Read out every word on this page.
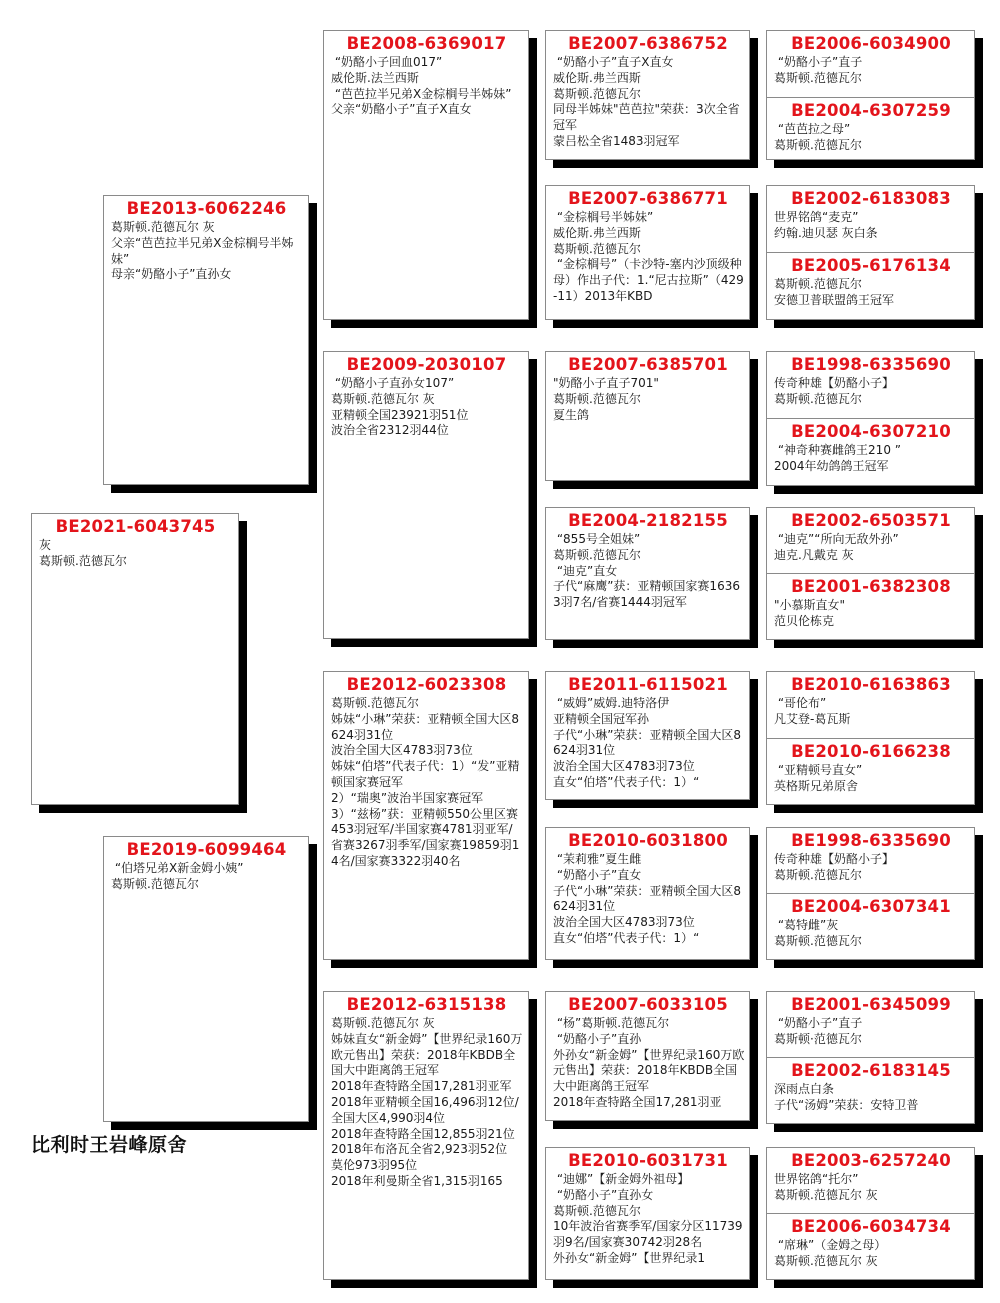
BE2021-6043745
灰
葛斯顿.范德瓦尔
BE2013-6062246
葛斯顿.范德瓦尔 灰
父亲“芭芭拉半兄弟X金棕榈号半姊妹”
母亲“奶酪小子”直孙女
BE2019-6099464
“伯塔兄弟X新金姆小姨”
葛斯顿.范德瓦尔
BE2008-6369017
“奶酪小子回血017”
威伦斯.法兰西斯
“芭芭拉半兄弟X金棕榈号半姊妹”
父亲“奶酪小子”直子X直女
BE2009-2030107
“奶酪小子直孙女107”
葛斯顿.范德瓦尔 灰
亚精顿全国23921羽51位
波治全省2312羽44位
BE2012-6023308
葛斯顿.范德瓦尔
姊妹“小琳”荣获：亚精顿全国大区8624羽31位
波治全国大区4783羽73位
姊妹“伯塔”代表子代：1）“发”亚精顿国家赛冠军
2）“瑞奥”波治半国家赛冠军
3）“兹杨”获：亚精顿550公里区赛453羽冠军/半国家赛4781羽亚军/省赛3267羽季军/国家赛19859羽14名/国家赛3322羽40名
BE2012-6315138
葛斯顿.范德瓦尔 灰
姊妹直女“新金姆”【世界纪录160万欧元售出】荣获：2018年KBDB全国大中距离鸽王冠军
2018年查特路全国17,281羽亚军
2018年亚精顿全国16,496羽12位/全国大区4,990羽4位
2018年查特路全国12,855羽21位
2018年布洛瓦全省2,923羽52位
莫伦973羽95位
2018年利曼斯全省1,315羽165
BE2007-6386752
“奶酪小子”直子X直女
威伦斯.弗兰西斯
葛斯顿.范德瓦尔
同母半姊妹"芭芭拉"荣获：3次全省冠军
蒙吕松全省1483羽冠军
BE2007-6386771
“金棕榈号半姊妹”
威伦斯.弗兰西斯
葛斯顿.范德瓦尔
“金棕榈号”（卡沙特-塞内沙顶级种母）作出子代：1.“尼古拉斯”（429-11）2013年KBD
BE2007-6385701
"奶酪小子直子701"
葛斯顿.范德瓦尔
夏生鸽
BE2004-2182155
“855号全姐妹”
葛斯顿.范德瓦尔
“迪克”直女
子代“麻鹰”获：亚精顿国家赛16363羽7名/省赛1444羽冠军
BE2011-6115021
“威姆”威姆.迪特洛伊
亚精顿全国冠军孙
子代“小琳”荣获：亚精顿全国大区8624羽31位
波治全国大区4783羽73位
直女“伯塔”代表子代：1）“
BE2010-6031800
“茉莉雅”夏生雌
“奶酪小子”直女
子代“小琳”荣获：亚精顿全国大区8624羽31位
波治全国大区4783羽73位
直女“伯塔”代表子代：1）“
BE2007-6033105
“杨”葛斯顿.范德瓦尔
“奶酪小子”直孙
外孙女“新金姆”【世界纪录160万欧元售出】荣获：2018年KBDB全国大中距离鸽王冠军
2018年查特路全国17,281羽亚
BE2010-6031731
“迪娜”【新金姆外祖母】
“奶酪小子”直孙女
葛斯顿.范德瓦尔
10年波治省赛季军/国家分区11739羽9名/国家赛30742羽28名
外孙女“新金姆”【世界纪录1
BE2006-6034900
“奶酪小子”直子
葛斯顿.范德瓦尔
BE2004-6307259
“芭芭拉之母”
葛斯顿.范德瓦尔
BE2002-6183083
世界铭鸽“麦克”
约翰.迪贝瑟 灰白条
BE2005-6176134
葛斯顿.范德瓦尔
安德卫普联盟鸽王冠军
BE1998-6335690
传奇种雄【奶酪小子】
葛斯顿.范德瓦尔
BE2004-6307210
“神奇种赛雌鸽王210 ”
2004年幼鸽鸽王冠军
BE2002-6503571
“迪克”“所向无敌外孙”
迪克.凡戴克 灰
BE2001-6382308
"小慕斯直女"
范贝伦栋克
BE2010-6163863
“哥伦布”
凡艾登-葛瓦斯
BE2010-6166238
“亚精顿号直女”
英格斯兄弟原舍
BE1998-6335690
传奇种雄【奶酪小子】
葛斯顿.范德瓦尔
BE2004-6307341
“葛特雌”灰
葛斯顿.范德瓦尔
BE2001-6345099
“奶酪小子”直子
葛斯顿·范德瓦尔
BE2002-6183145
深雨点白条
子代“汤姆”荣获：安特卫普
BE2003-6257240
世界铭鸽“托尔”
葛斯顿.范德瓦尔 灰
BE2006-6034734
“席琳”（金姆之母）
葛斯顿.范德瓦尔 灰
比利时王岩峰原舍
